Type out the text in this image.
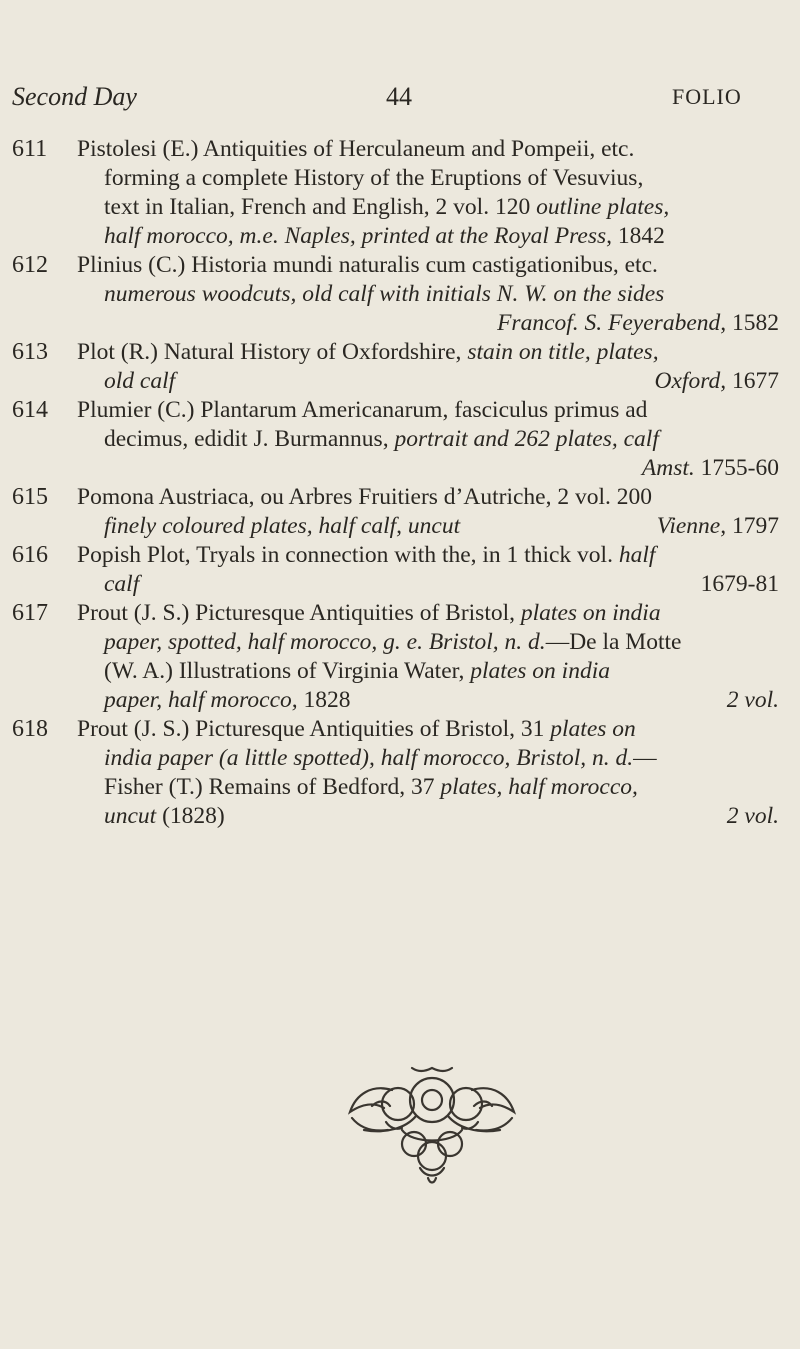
Second Day	44	FOLIO
611 Pistolesi (E.) Antiquities of Herculaneum and Pompeii, etc.
forming a complete History of the Eruptions of Vesuvius,
text in Italian, French and English, 2 vol. 120 outline plates,
half morocco, m.e. Naples, printed at the Royal Press, 1842
612 Plinius (C.) Historia mundi naturalis cum castigationibus, etc.
numerous woodcuts, old calf with initials N. W. on the sides
Francof. S. Feyerabend, 1582
613 Plot (R.) Natural History of Oxfordshire, stain on title, plates,
old calf	Oxford, 1677
614 Plumier (C.) Plantarum Americanarum, fasciculus primus ad
decimus, edidit J. Burmannus, portrait and 262 plates, calf
Amst. 1755-60
615 Pomona Austriaca, ou Arbres Fruitiers d’Autriche, 2 vol. 200
finely coloured plates, half calf, uncut	Vienne, 1797
616 Popish Plot, Tryals in connection with the, in 1 thick vol. half
calf	1679-81
617 Prout (J. S.) Picturesque Antiquities of Bristol, plates on india
paper, spotted, half morocco, g. e. Bristol, n. d.—De la Motte
(W. A.) Illustrations of Virginia Water, plates on india
paper, half morocco, 1828	2 vol.
618 Prout (J. S.) Picturesque Antiquities of Bristol, 31 plates on
india paper (a little spotted), half morocco, Bristol, n. d.—
Fisher (T.) Remains of Bedford, 37 plates, half morocco,
uncut (1828)	2 vol.
